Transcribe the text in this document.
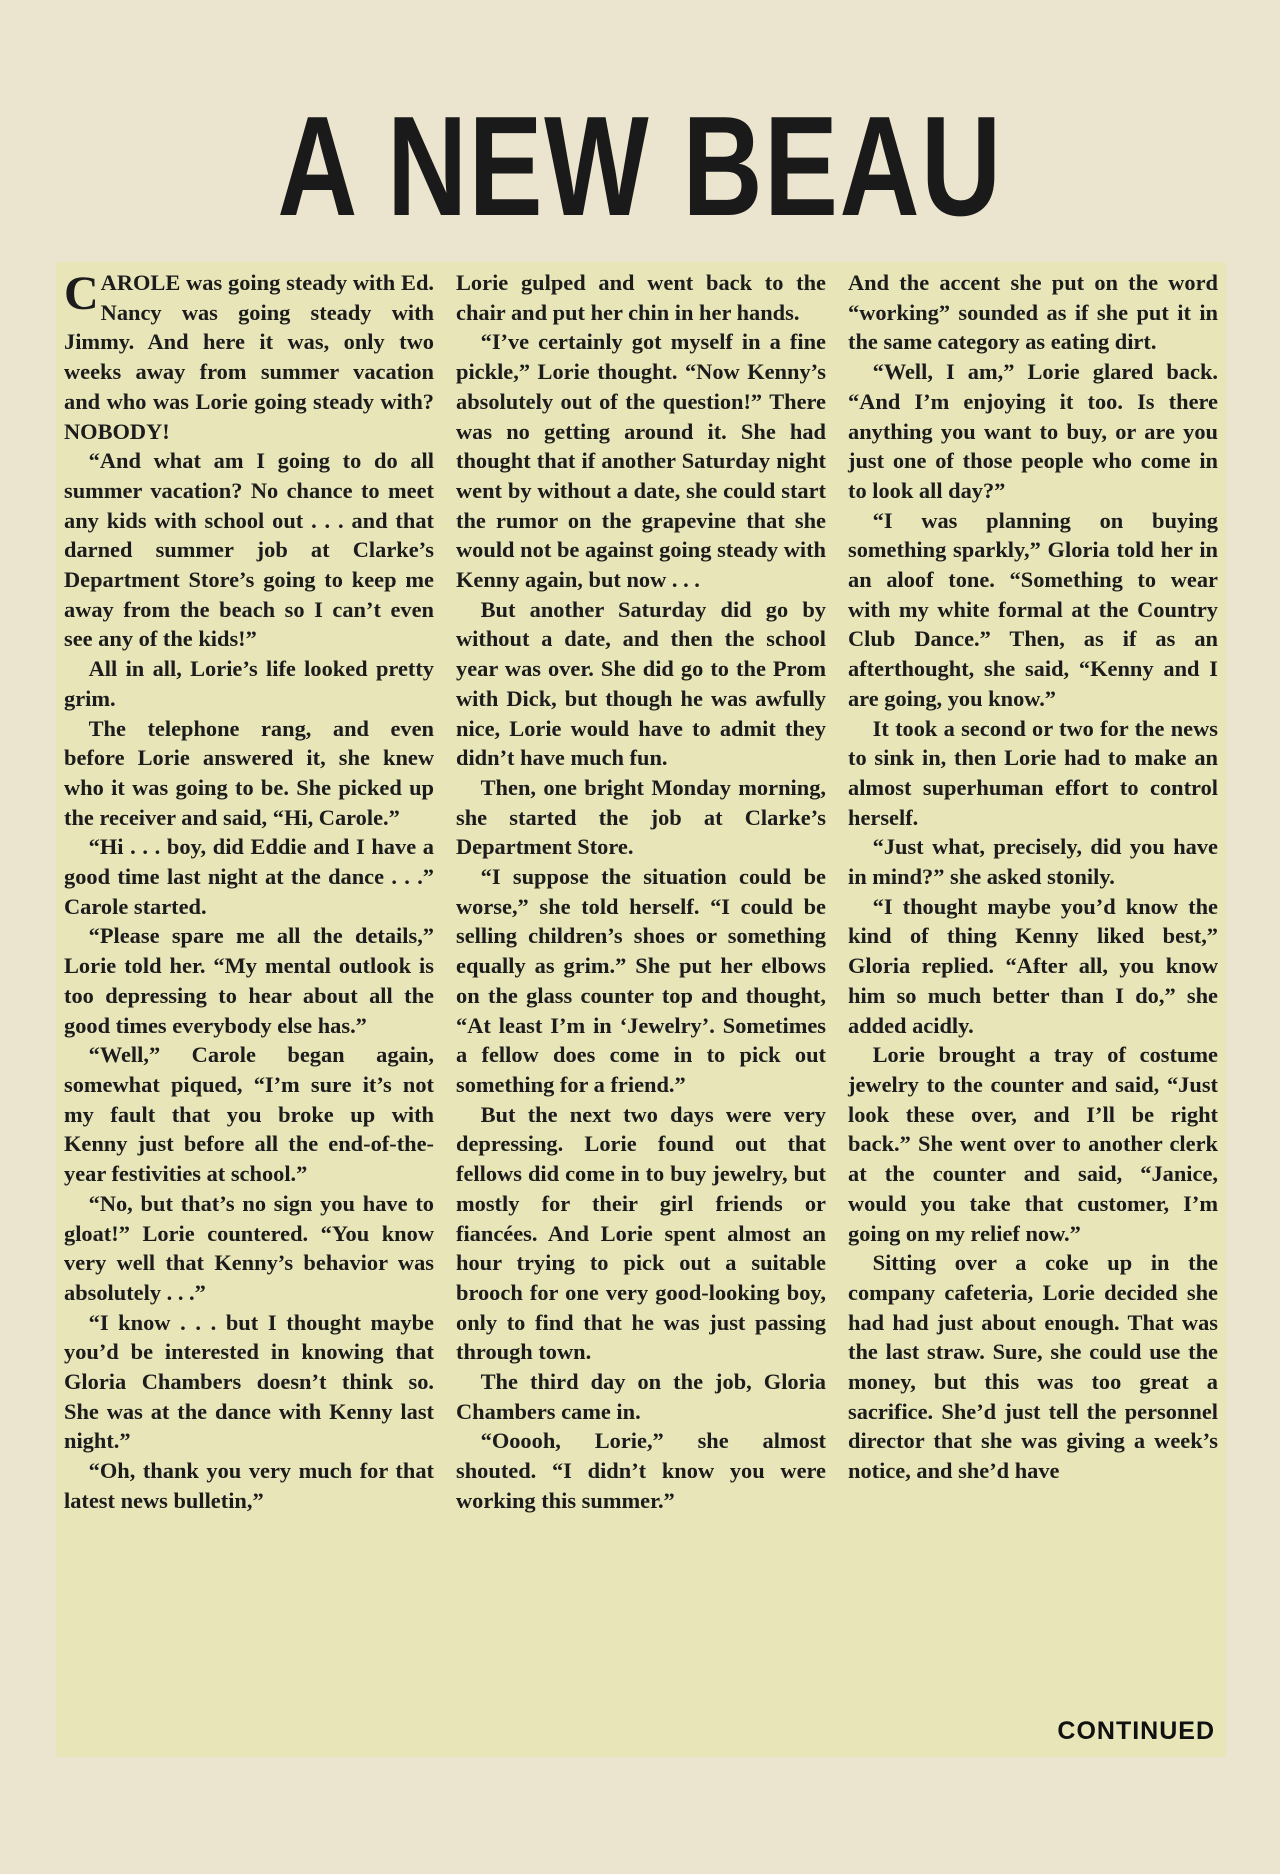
A NEW BEAU

CAROLE was going steady with Ed. Nancy was going steady with Jimmy. And here it was, only two weeks away from summer vacation and who was Lorie going steady with? NOBODY!

“And what am I going to do all summer vacation? No chance to meet any kids with school out . . . and that darned summer job at Clarke’s Department Store’s going to keep me away from the beach so I can’t even see any of the kids!”

All in all, Lorie’s life looked pretty grim.

The telephone rang, and even before Lorie answered it, she knew who it was going to be. She picked up the receiver and said, “Hi, Carole.”

“Hi . . . boy, did Eddie and I have a good time last night at the dance . . .” Carole started.

“Please spare me all the details,” Lorie told her. “My mental outlook is too depressing to hear about all the good times everybody else has.”

“Well,” Carole began again, somewhat piqued, “I’m sure it’s not my fault that you broke up with Kenny just before all the end-of-the-year festivities at school.”

“No, but that’s no sign you have to gloat!” Lorie countered. “You know very well that Kenny’s behavior was absolutely . . .”

“I know . . . but I thought maybe you’d be interested in knowing that Gloria Chambers doesn’t think so. She was at the dance with Kenny last night.”

“Oh, thank you very much for that latest news bulletin,”

Lorie gulped and went back to the chair and put her chin in her hands.

“I’ve certainly got myself in a fine pickle,” Lorie thought. “Now Kenny’s absolutely out of the question!” There was no getting around it. She had thought that if another Saturday night went by without a date, she could start the rumor on the grapevine that she would not be against going steady with Kenny again, but now . . .

But another Saturday did go by without a date, and then the school year was over. She did go to the Prom with Dick, but though he was awfully nice, Lorie would have to admit they didn’t have much fun.

Then, one bright Monday morning, she started the job at Clarke’s Department Store.

“I suppose the situation could be worse,” she told herself. “I could be selling children’s shoes or something equally as grim.” She put her elbows on the glass counter top and thought, “At least I’m in ‘Jewelry’. Sometimes a fellow does come in to pick out something for a friend.”

But the next two days were very depressing. Lorie found out that fellows did come in to buy jewelry, but mostly for their girl friends or fiancées. And Lorie spent almost an hour trying to pick out a suitable brooch for one very good-looking boy, only to find that he was just passing through town.

The third day on the job, Gloria Chambers came in.

“Ooooh, Lorie,” she almost shouted. “I didn’t know you were working this summer.”

And the accent she put on the word “working” sounded as if she put it in the same category as eating dirt.

“Well, I am,” Lorie glared back. “And I’m enjoying it too. Is there anything you want to buy, or are you just one of those people who come in to look all day?”

“I was planning on buying something sparkly,” Gloria told her in an aloof tone. “Something to wear with my white formal at the Country Club Dance.” Then, as if as an afterthought, she said, “Kenny and I are going, you know.”

It took a second or two for the news to sink in, then Lorie had to make an almost superhuman effort to control herself.

“Just what, precisely, did you have in mind?” she asked stonily.

“I thought maybe you’d know the kind of thing Kenny liked best,” Gloria replied. “After all, you know him so much better than I do,” she added acidly.

Lorie brought a tray of costume jewelry to the counter and said, “Just look these over, and I’ll be right back.” She went over to another clerk at the counter and said, “Janice, would you take that customer, I’m going on my relief now.”

Sitting over a coke up in the company cafeteria, Lorie decided she had had just about enough. That was the last straw. Sure, she could use the money, but this was too great a sacrifice. She’d just tell the personnel director that she was giving a week’s notice, and she’d have

CONTINUED
